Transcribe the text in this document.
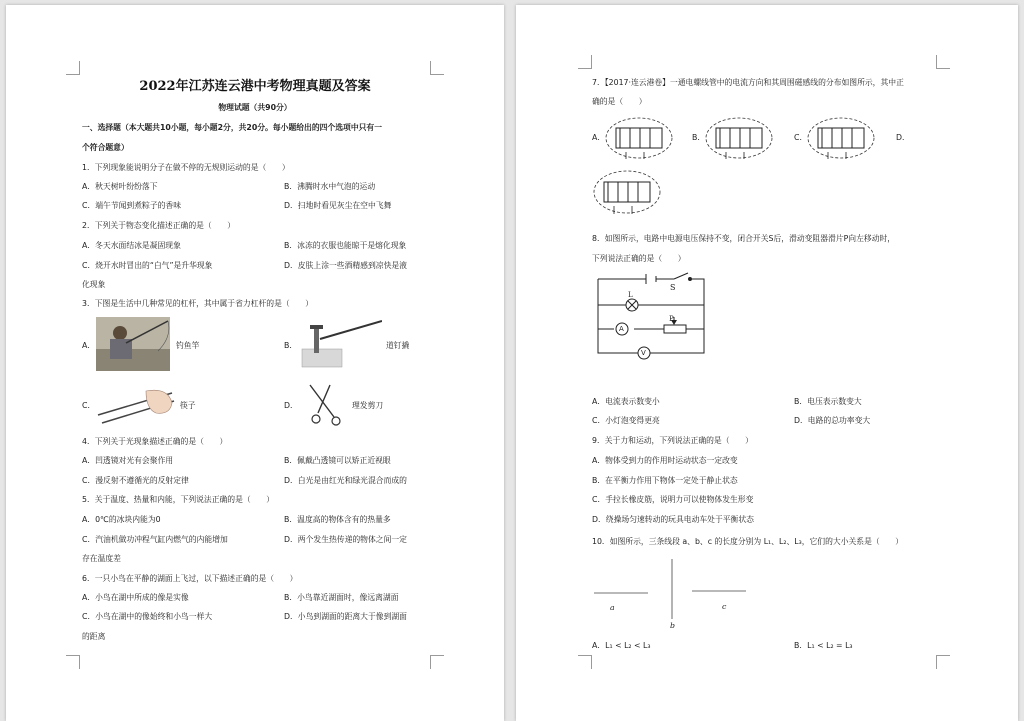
2022年江苏连云港中考物理真题及答案
物理试题（共90分）
一、选择题（本大题共10小题，每小题2分，共20分。每小题给出的四个选项中只有一
个符合题意）
1．下列现象能说明分子在做不停的无规则运动的是（　　）
A．秋天树叶纷纷落下	B．沸腾时水中气泡的运动
C．端午节闻到煮粽子的香味	D．扫地时看见灰尘在空中飞舞
2．下列关于物态变化描述正确的是（　　）
A．冬天水面结冰是凝固现象	B．冰冻的衣服也能晾干是熔化现象
C．烧开水时冒出的“白气”是升华现象	D．皮肤上涂一些酒精感到凉快是液
化现象
3．下图是生活中几种常见的杠杆，其中属于省力杠杆的是（　　）
A．	钓鱼竿	B．	道钉撬
C．	筷子	D．	理发剪刀
4．下列关于光现象描述正确的是（　　）
A．凹透镜对光有会聚作用	B．佩戴凸透镜可以矫正近视眼
C．漫反射不遵循光的反射定律	D．白光是由红光和绿光混合而成的
5．关于温度、热量和内能，下列说法正确的是（　　）
A．0℃的冰块内能为0	B．温度高的物体含有的热量多
C．汽油机做功冲程气缸内燃气的内能增加	D．两个发生热传递的物体之间一定
存在温度差
6．一只小鸟在平静的湖面上飞过，以下描述正确的是（　　）
A．小鸟在湖中所成的像是实像	B．小鸟靠近湖面时，像远离湖面
C．小鸟在湖中的像始终和小鸟一样大	D．小鸟到湖面的距离大于像到湖面
的距离
7．【2017·连云港卷】一通电螺线管中的电流方向和其周围磁感线的分布如图所示，其中正
确的是（　　）
A．	B．	C．	D．
8．如图所示，电路中电源电压保持不变，闭合开关S后，滑动变阻器滑片P向左移动时，
下列说法正确的是（　　）
S
L
A
P
V
A．电流表示数变小	B．电压表示数变大
C．小灯泡变得更亮	D．电路的总功率变大
9．关于力和运动，下列说法正确的是（　　）
A．物体受到力的作用时运动状态一定改变
B．在平衡力作用下物体一定处于静止状态
C．手拉长橡皮筋，说明力可以使物体发生形变
D．绕操场匀速转动的玩具电动车处于平衡状态
10．如图所示，三条线段 a、b、c 的长度分别为 L₁、L₂、L₃，它们的大小关系是（　　）
a
b
c
A．L₁ < L₂ < L₃	B．L₁ < L₂ = L₃
